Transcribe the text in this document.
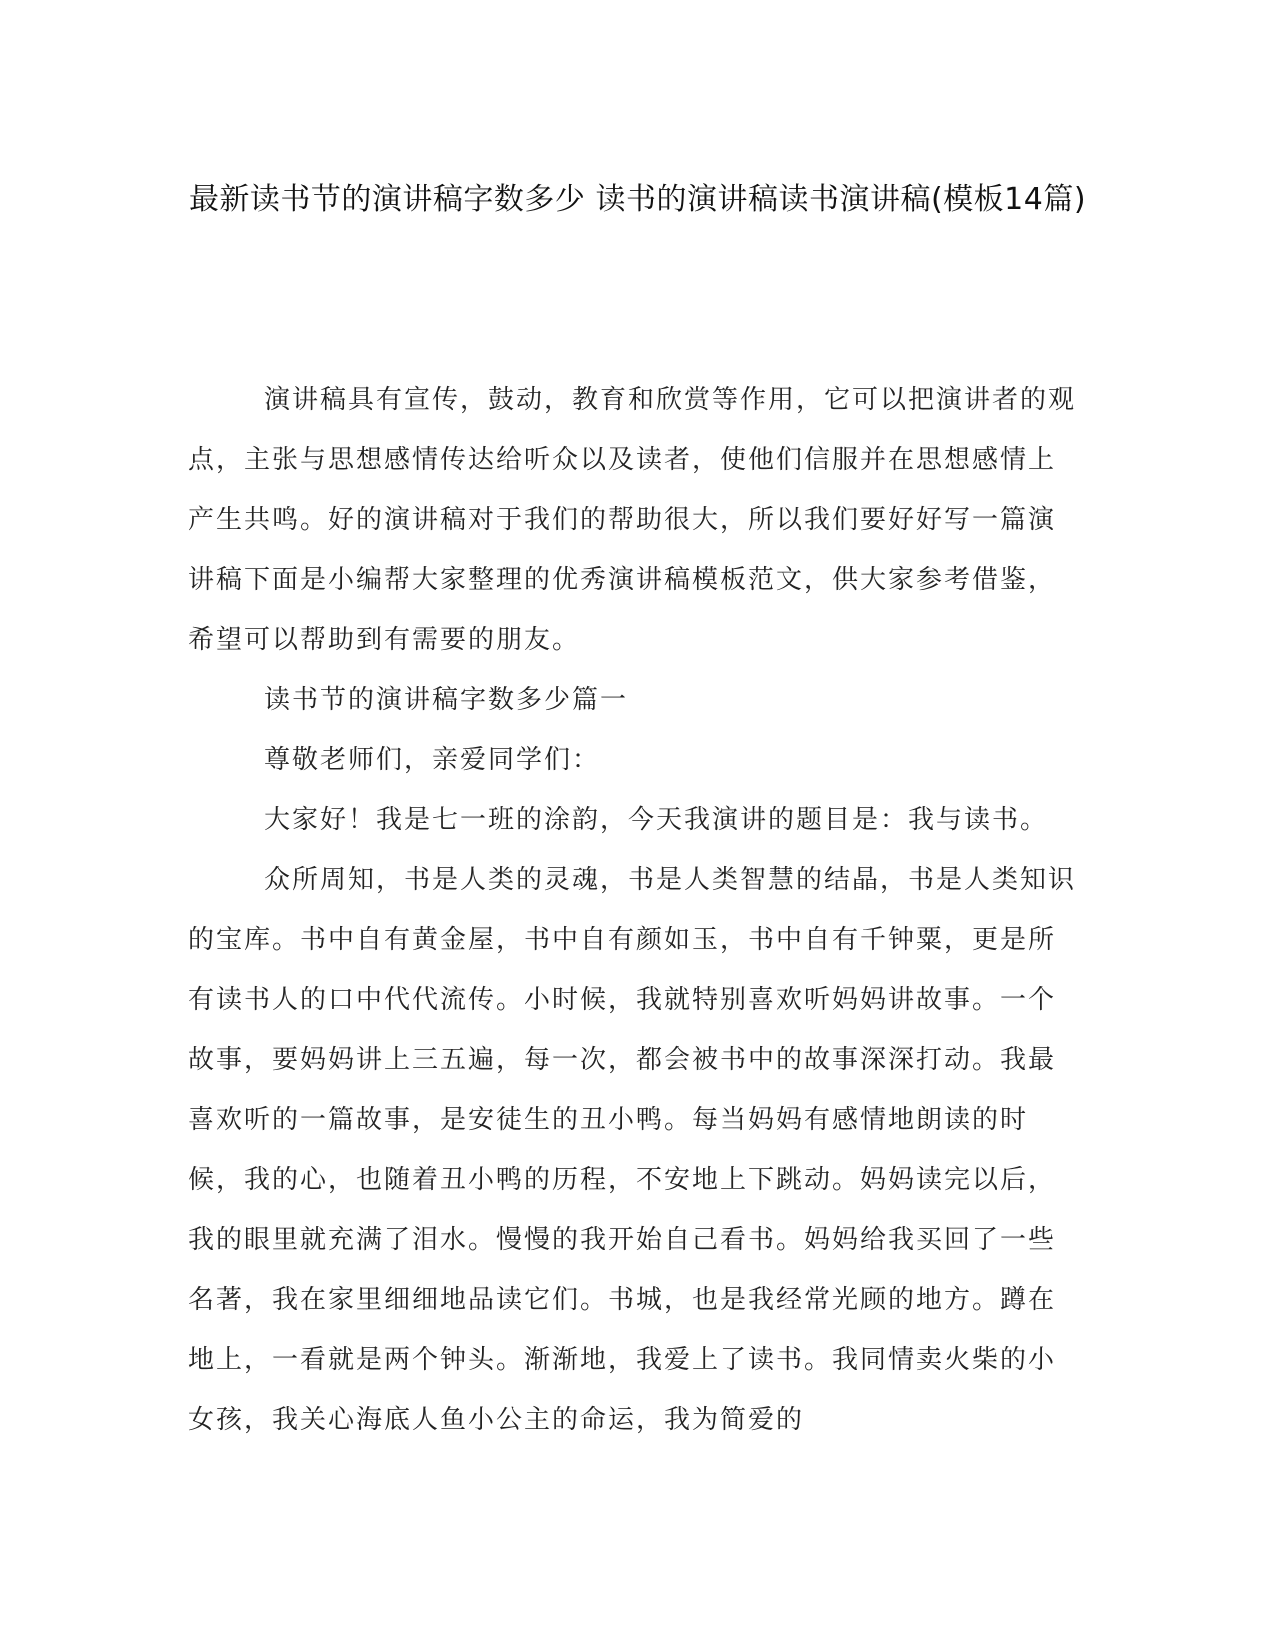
最新读书节的演讲稿字数多少 读书的演讲稿读书演讲稿(模板14篇)

演讲稿具有宣传，鼓动，教育和欣赏等作用，它可以把演讲者的观点，主张与思想感情传达给听众以及读者，使他们信服并在思想感情上产生共鸣。好的演讲稿对于我们的帮助很大，所以我们要好好写一篇演讲稿下面是小编帮大家整理的优秀演讲稿模板范文，供大家参考借鉴，希望可以帮助到有需要的朋友。

读书节的演讲稿字数多少篇一

尊敬老师们，亲爱同学们：

大家好！我是七一班的涂韵，今天我演讲的题目是：我与读书。

众所周知，书是人类的灵魂，书是人类智慧的结晶，书是人类知识的宝库。书中自有黄金屋，书中自有颜如玉，书中自有千钟粟，更是所有读书人的口中代代流传。小时候，我就特别喜欢听妈妈讲故事。一个故事，要妈妈讲上三五遍，每一次，都会被书中的故事深深打动。我最喜欢听的一篇故事，是安徒生的丑小鸭。每当妈妈有感情地朗读的时候，我的心，也随着丑小鸭的历程，不安地上下跳动。妈妈读完以后，我的眼里就充满了泪水。慢慢的我开始自己看书。妈妈给我买回了一些名著，我在家里细细地品读它们。书城，也是我经常光顾的地方。蹲在地上，一看就是两个钟头。渐渐地，我爱上了读书。我同情卖火柴的小女孩，我关心海底人鱼小公主的命运，我为简爱的
